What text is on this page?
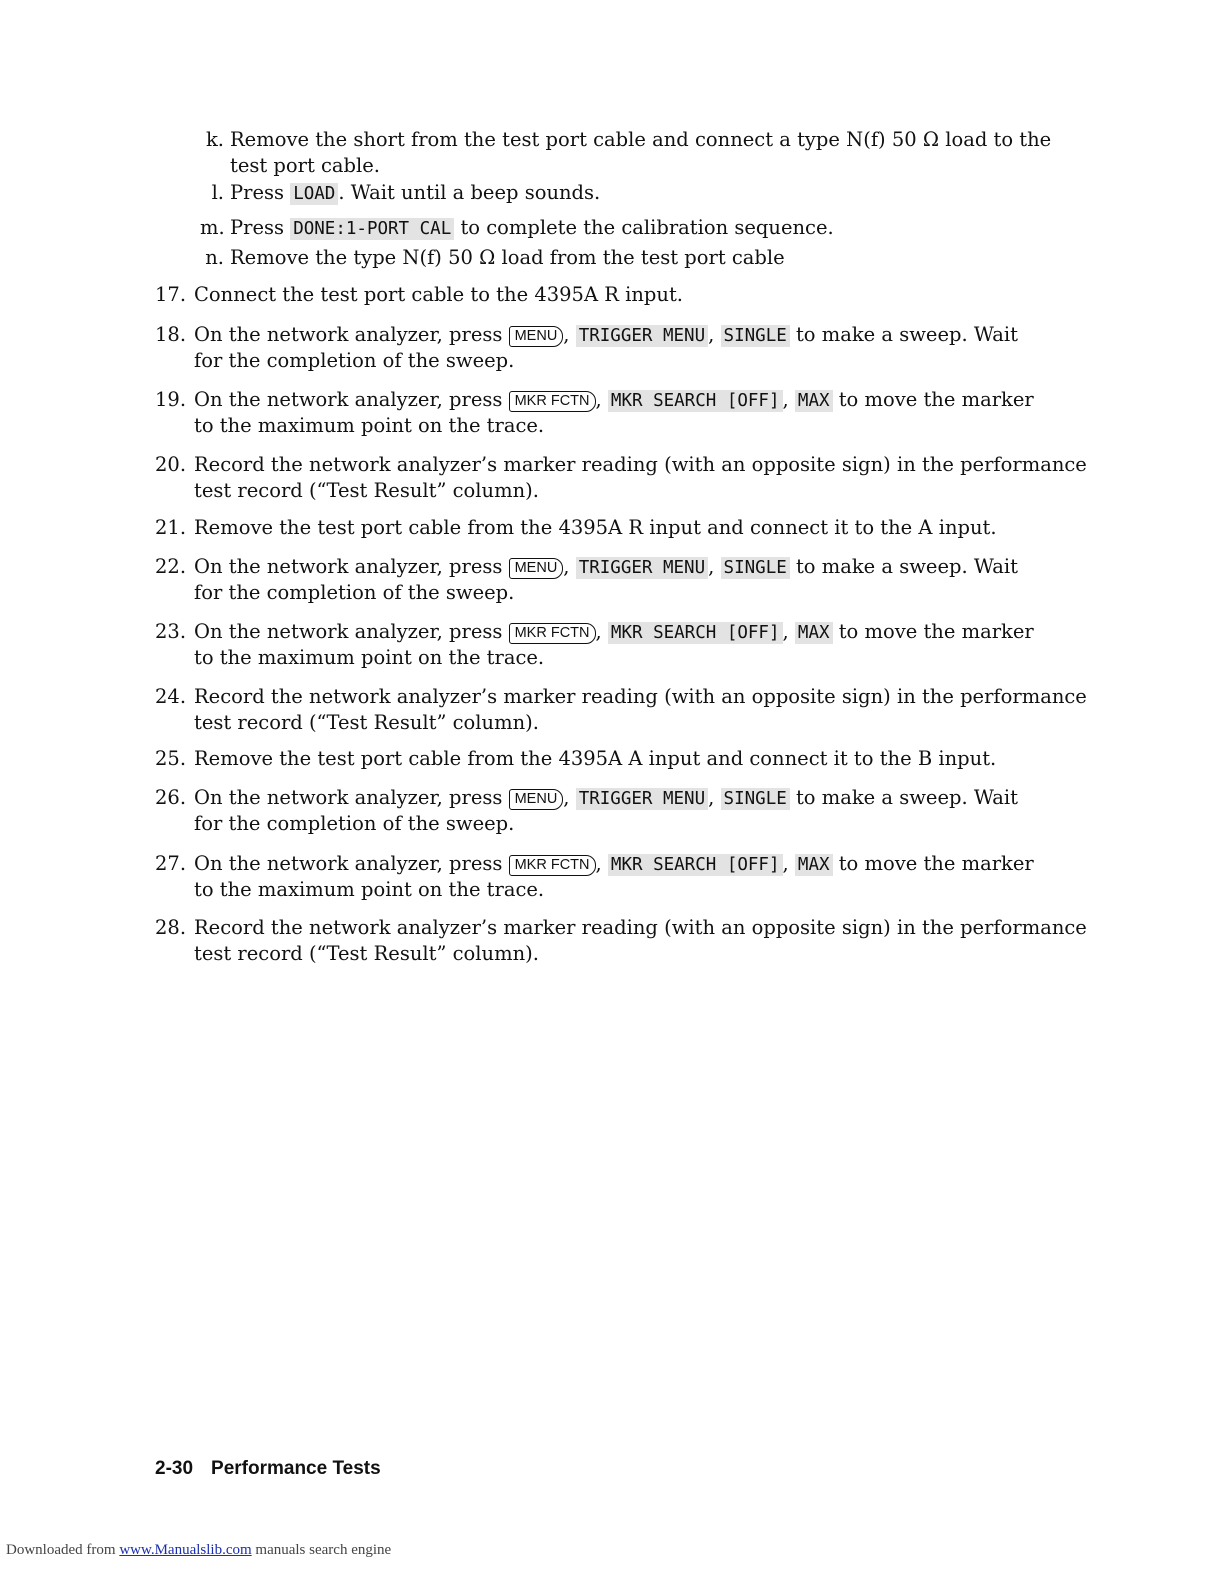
k. Remove the short from the test port cable and connect a type N(f) 50 Ω load to the
test port cable.
l. Press LOAD . Wait until a beep sounds.
m. Press DONE:1-PORT CAL to complete the calibration sequence.
n. Remove the type N(f) 50 Ω load from the test port cable
17. Connect the test port cable to the 4395A R input.
18. On the network analyzer, press MENU , TRIGGER MENU , SINGLE to make a sweep. Wait
for the completion of the sweep.
19. On the network analyzer, press MKR FCTN , MKR SEARCH [OFF] , MAX to move the marker
to the maximum point on the trace.
20. Record the network analyzer’s marker reading (with an opposite sign) in the performance
test record (“Test Result” column).
21. Remove the test port cable from the 4395A R input and connect it to the A input.
22. On the network analyzer, press MENU , TRIGGER MENU , SINGLE to make a sweep. Wait
for the completion of the sweep.
23. On the network analyzer, press MKR FCTN , MKR SEARCH [OFF] , MAX to move the marker
to the maximum point on the trace.
24. Record the network analyzer’s marker reading (with an opposite sign) in the performance
test record (“Test Result” column).
25. Remove the test port cable from the 4395A A input and connect it to the B input.
26. On the network analyzer, press MENU , TRIGGER MENU , SINGLE to make a sweep. Wait
for the completion of the sweep.
27. On the network analyzer, press MKR FCTN , MKR SEARCH [OFF] , MAX to move the marker
to the maximum point on the trace.
28. Record the network analyzer’s marker reading (with an opposite sign) in the performance
test record (“Test Result” column).
2-30 Performance Tests
Downloaded from www.Manualslib.com manuals search engine
